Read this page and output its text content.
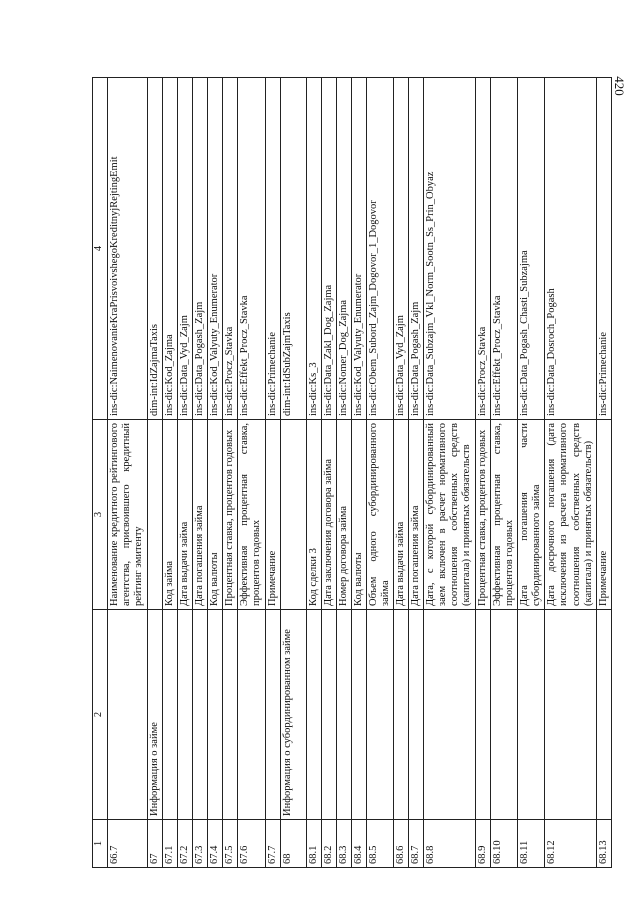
420
1	2	3	4
66.7		Наименование кредитного рейтингового агентства, присвоившего кредитный рейтинг эмитенту	ins-dic:NaimenovanieKraPrisvoivshegoKreditnyjRejtingEmit
67	Информация о займе		dim-int:IdZajmaTaxis
67.1		Код займа	ins-dic:Kod_Zajma
67.2		Дата выдачи займа	ins-dic:Data_Vyd_Zajm
67.3		Дата погашения займа	ins-dic:Data_Pogash_Zajm
67.4		Код валюты	ins-dic:Kod_Valyuty_Enumerator
67.5		Процентная ставка, процентов годовых	ins-dic:Procz_Stavka
67.6		Эффективная процентная ставка, процентов годовых	ins-dic:Effekt_Procz_Stavka
67.7		Примечание	ins-dic:Primechanie
68	Информация о субординированном займе		dim-int:IdSubZajmTaxis
68.1		Код сделки 3	ins-dic:Ks_3
68.2		Дата заключения договора займа	ins-dic:Data_Zakl_Dog_Zajma
68.3		Номер договора займа	ins-dic:Nomer_Dog_Zajma
68.4		Код валюты	ins-dic:Kod_Valyuty_Enumerator
68.5		Объем одного субординированного займа	ins-dic:Obem_Subord_Zajm_Dogovor_1_Dogovor
68.6		Дата выдачи займа	ins-dic:Data_Vyd_Zajm
68.7		Дата погашения займа	ins-dic:Data_Pogash_Zajm
68.8		Дата, с которой субординированный заем включен в расчет нормативного соотношения собственных средств (капитала) и принятых обязательств	ins-dic:Data_Subzajm_Vkl_Norm_Sootn_Ss_Prin_Obyaz
68.9		Процентная ставка, процентов годовых	ins-dic:Procz_Stavka
68.10		Эффективная процентная ставка, процентов годовых	ins-dic:Effekt_Procz_Stavka
68.11		Дата погашения части субординированного займа	ins-dic:Data_Pogash_Chasti_Subzajma
68.12		Дата досрочного погашения (дата исключения из расчета нормативного соотношения собственных средств (капитала) и принятых обязательств)	ins-dic:Data_Dosroch_Pogash
68.13		Примечание	ins-dic:Primechanie
